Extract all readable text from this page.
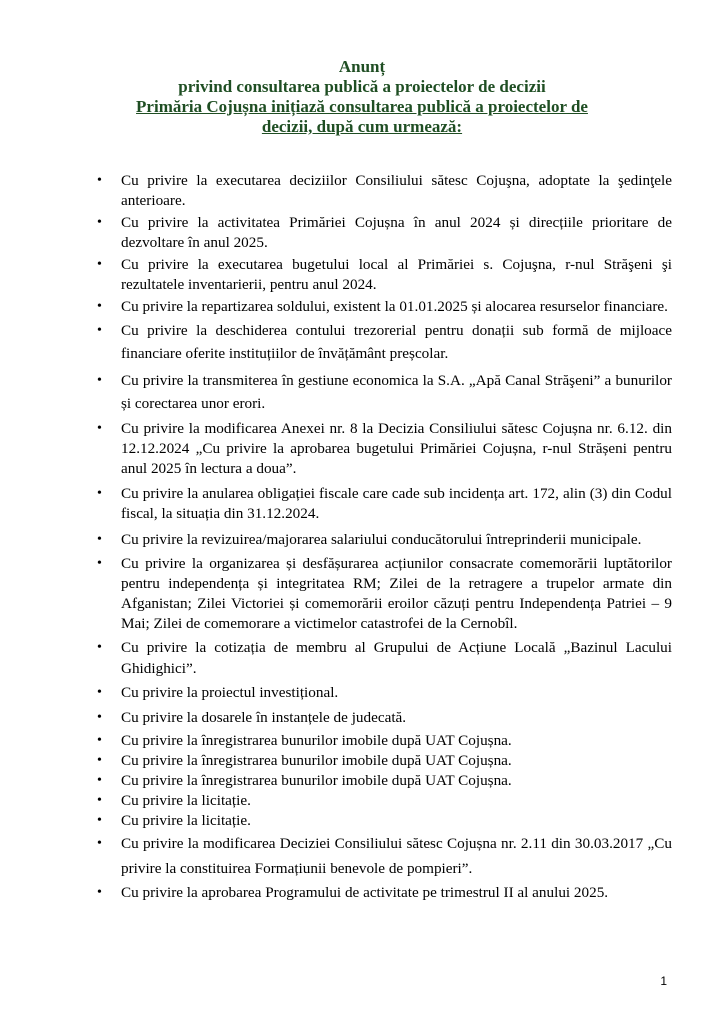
Anunț
privind consultarea publică a proiectelor de decizii
Primăria Cojușna inițiază consultarea publică a proiectelor de
decizii, după cum urmează:
• Cu privire la executarea deciziilor Consiliului sătesc Cojuşna, adoptate la şedinţele anterioare.
• Cu privire la activitatea Primăriei Cojușna în anul 2024 și direcțiile prioritare de dezvoltare în anul 2025.
• Cu privire la executarea bugetului local al Primăriei s. Cojuşna, r-nul Străşeni şi rezultatele inventarierii, pentru anul 2024.
• Cu privire la repartizarea soldului, existent la 01.01.2025 și alocarea resurselor financiare.
• Cu privire la deschiderea contului trezorerial pentru donații sub formă de mijloace financiare oferite instituțiilor de învățământ preșcolar.
• Cu privire la transmiterea în gestiune economica la S.A. „Apă Canal Străşeni” a bunurilor și corectarea unor erori.
• Cu privire la modificarea Anexei nr. 8 la Decizia Consiliului sătesc Cojușna nr. 6.12. din 12.12.2024 „Cu privire la aprobarea bugetului Primăriei Cojușna, r-nul Strășeni pentru anul 2025 în lectura a doua”.
• Cu privire la anularea obligației fiscale care cade sub incidența art. 172, alin (3) din Codul fiscal, la situația din 31.12.2024.
• Cu privire la revizuirea/majorarea salariului conducătorului întreprinderii municipale.
• Cu privire la organizarea și desfășurarea acțiunilor consacrate comemorării luptătorilor pentru independența și integritatea RM; Zilei de la retragere a trupelor armate din Afganistan; Zilei Victoriei și comemorării eroilor căzuți pentru Independența Patriei – 9 Mai; Zilei de comemorare a victimelor catastrofei de la Cernobîl.
• Cu privire la cotizația de membru al Grupului de Acțiune Locală „Bazinul Lacului Ghidighici”.
• Cu privire la proiectul investițional.
• Cu privire la dosarele în instanțele de judecată.
• Cu privire la înregistrarea bunurilor imobile după UAT Cojușna.
• Cu privire la înregistrarea bunurilor imobile după UAT Cojușna.
• Cu privire la înregistrarea bunurilor imobile după UAT Cojușna.
• Cu privire la licitație.
• Cu privire la licitație.
• Cu privire la modificarea Deciziei Consiliului sătesc Cojușna nr. 2.11 din 30.03.2017 „Cu privire la constituirea Formațiunii benevole de pompieri”.
• Cu privire la aprobarea Programului de activitate pe trimestrul II al anului 2025.
1
